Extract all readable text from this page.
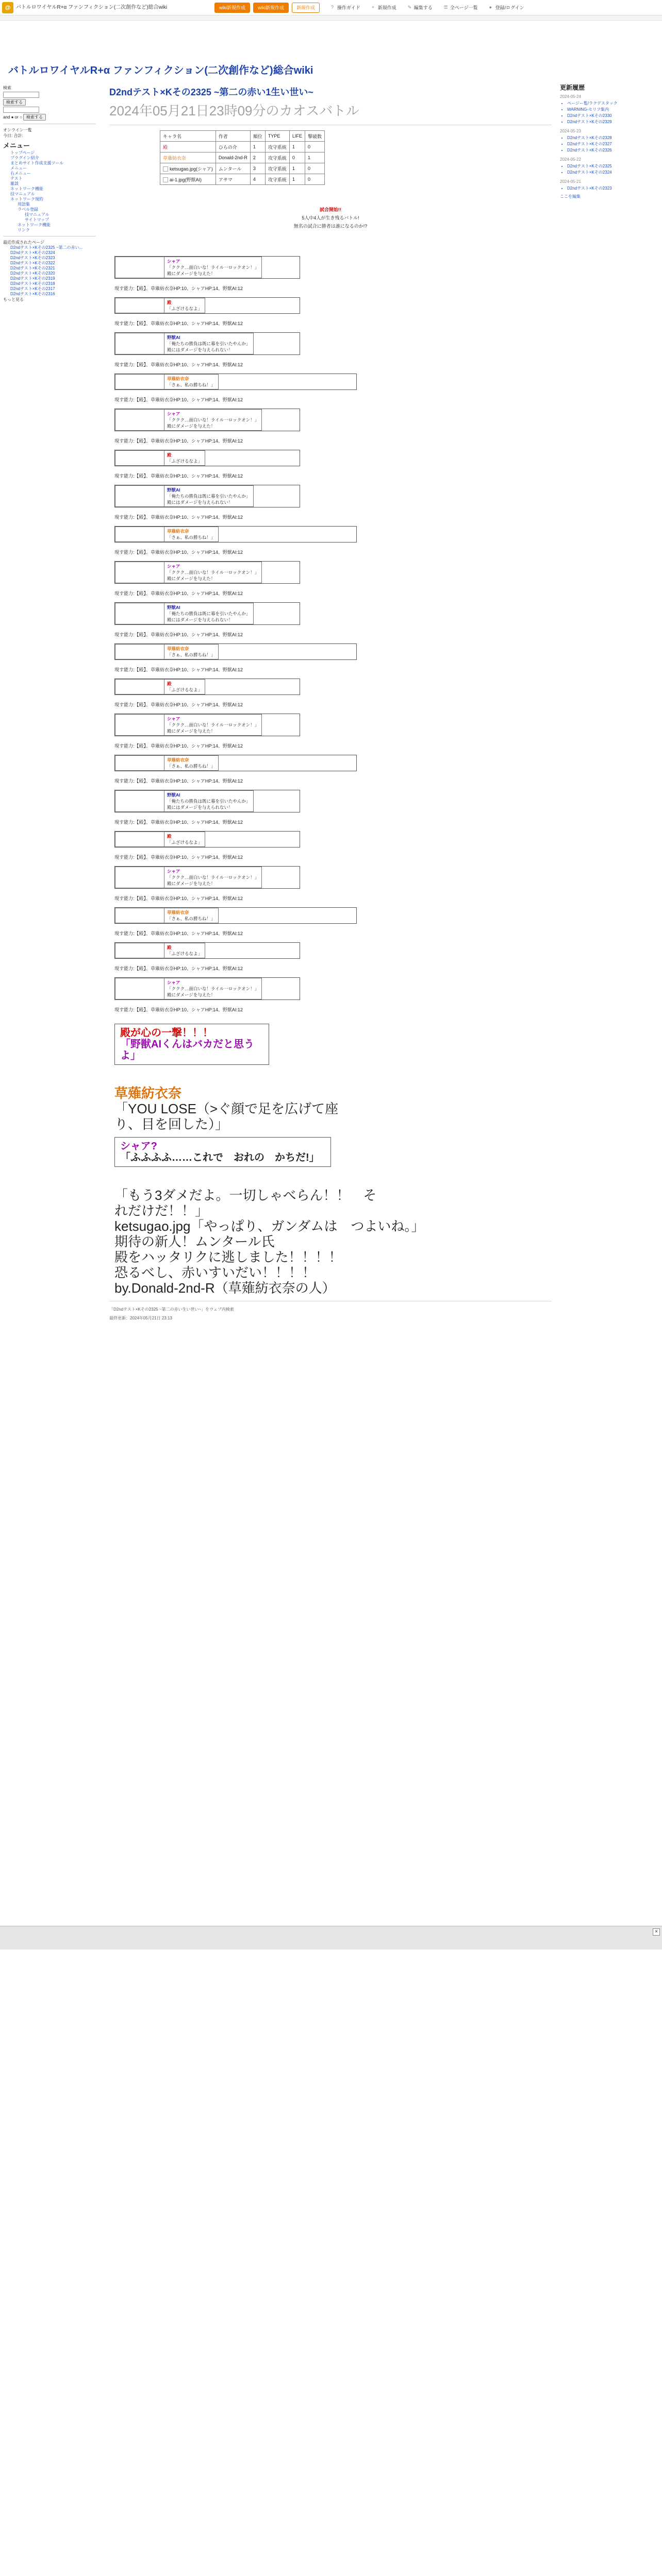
@	バトルロワイヤルR+α ファンフィクション(二次創作など)総合wiki	wiki新規作成	wiki新規作成	新規作成	? 操作ガイド + 新規作成 ✎ 編集する ☰ 全ページ一覧 ● 登録/ログイン
バトルロワイヤルR+α ファンフィクション(二次創作など)総合wiki
検索
検索する
and ● or ○ 検索する
オンライン一覧
今日: 合計:
メニュー
トップページ
プラグイン紹介
まとめサイト作成支援ツール
メニュー
右メニュー
テスト
雑談
ネットワーク機能
技マニュアル
ネットワーク規約
用語集
ラベル登録
技マニュアル
サイトマップ
ネットワーク機能
リンク
最近作成されたページ
D2ndテスト×Kその2325 ~第二の赤い...
D2ndテスト×Kその2324
D2ndテスト×Kその2323
D2ndテスト×Kその2322
D2ndテスト×Kその2321
D2ndテスト×Kその2320
D2ndテスト×Kその2319
D2ndテスト×Kその2318
D2ndテスト×Kその2317
D2ndテスト×Kその2316
もっと見る
D2ndテスト×Kその2325 ~第二の赤い1生い世い~
2024年05月21日23時09分のカオスバトル
キャラ名	作者	順位	TYPE	LIFE	撃破数
殿	ひらの介	1	攻守系統	1	0
草薙紡衣奈	Donald-2nd-R	2	攻守系統	0	1
ketsugao.jpg(シャア)	ムンタール	3	攻守系統	1	0
ai-1.jpg(野獣AI)	アサマ	4	攻守系統	1	0
試合開始!!
5人中4人が生き残るバトル!
無名の試合に勝者は誰になるのか!?

シャア
「ククク…面白いな！ライル一ロックオン！」
殿にダメージを与えた！
現す能力:【殿】、草薙紡衣奈HP:10、シャアHP:14、野獣AI:12

殿
「ふざけるなよ」
現す能力:【殿】、草薙紡衣奈HP:10、シャアHP:14、野獣AI:12

野獣AI
「俺たちの勝負は既に幕を引いたやんか」
殿にはダメージを与えられない！
現す能力:【殿】、草薙紡衣奈HP:10、シャアHP:14、野獣AI:12

草薙紡衣奈
「さぁ、私の勝ちね！」
現す能力:【殿】、草薙紡衣奈HP:10、シャアHP:14、野獣AI:12

シャア
「ククク…面白いな！ライル一ロックオン！」
殿にダメージを与えた！
現す能力:【殿】、草薙紡衣奈HP:10、シャアHP:14、野獣AI:12

殿
「ふざけるなよ」
現す能力:【殿】、草薙紡衣奈HP:10、シャアHP:14、野獣AI:12

野獣AI
「俺たちの勝負は既に幕を引いたやんか」
殿にはダメージを与えられない！
現す能力:【殿】、草薙紡衣奈HP:10、シャアHP:14、野獣AI:12

草薙紡衣奈
「さぁ、私の勝ちね！」
現す能力:【殿】、草薙紡衣奈HP:10、シャアHP:14、野獣AI:12

シャア
「ククク…面白いな！ライル一ロックオン！」
殿にダメージを与えた！
現す能力:【殿】、草薙紡衣奈HP:10、シャアHP:14、野獣AI:12

野獣AI
「俺たちの勝負は既に幕を引いたやんか」
殿にはダメージを与えられない！
現す能力:【殿】、草薙紡衣奈HP:10、シャアHP:14、野獣AI:12

草薙紡衣奈
「さぁ、私の勝ちね！」
現す能力:【殿】、草薙紡衣奈HP:10、シャアHP:14、野獣AI:12

殿
「ふざけるなよ」
現す能力:【殿】、草薙紡衣奈HP:10、シャアHP:14、野獣AI:12

シャア
「ククク…面白いな！ライル一ロックオン！」
殿にダメージを与えた！
現す能力:【殿】、草薙紡衣奈HP:10、シャアHP:14、野獣AI:12

草薙紡衣奈
「さぁ、私の勝ちね！」
現す能力:【殿】、草薙紡衣奈HP:10、シャアHP:14、野獣AI:12

野獣AI
「俺たちの勝負は既に幕を引いたやんか」
殿にはダメージを与えられない！
現す能力:【殿】、草薙紡衣奈HP:10、シャアHP:14、野獣AI:12

殿
「ふざけるなよ」
現す能力:【殿】、草薙紡衣奈HP:10、シャアHP:14、野獣AI:12

シャア
「ククク…面白いな！ライル一ロックオン！」
殿にダメージを与えた！
現す能力:【殿】、草薙紡衣奈HP:10、シャアHP:14、野獣AI:12

草薙紡衣奈
「さぁ、私の勝ちね！」
現す能力:【殿】、草薙紡衣奈HP:10、シャアHP:14、野獣AI:12

殿
「ふざけるなよ」
現す能力:【殿】、草薙紡衣奈HP:10、シャアHP:14、野獣AI:12

シャア
「ククク…面白いな！ライル一ロックオン！」
殿にダメージを与えた！
現す能力:【殿】、草薙紡衣奈HP:10、シャアHP:14、野獣AI:12
殿が心の一撃！！！
「野獣AIくんはバカだと思うよ」
草薙紡衣奈
「YOU LOSE（>ぐ顔で足を広げて座り、目を回した）」
シャア?
「ふふふふ……これで　おれの　かちだ!」
「もう3ダメだよ。一切しゃべらん！！　それだけだ！！」
ketsugao.jpg「やっぱり、ガンダムは　つよいね。」
期待の新人！ムンタール氏
殿をハッタリクに逃しました！！！！
恐るべし、赤いすいだい！！！！
by.Donald-2nd-R（草薙紡衣奈の人）
「D2ndテスト×Kその2325 ~第二の赤い生い世い~」をウェブ内検索
最終更新：2024年05月21日 23:13
更新履歴
2024-05-24
• ページー覧/ラクデスタック
• WARNING-セリフ集内
• D2ndテスト×Kその2330
• D2ndテスト×Kその2329
2024-05-23
• D2ndテスト×Kその2328
• D2ndテスト×Kその2327
• D2ndテスト×Kその2326
2024-05-22
• D2ndテスト×Kその2325
• D2ndテスト×Kその2324
2024-05-21
• D2ndテスト×Kその2323
ここを編集
×
